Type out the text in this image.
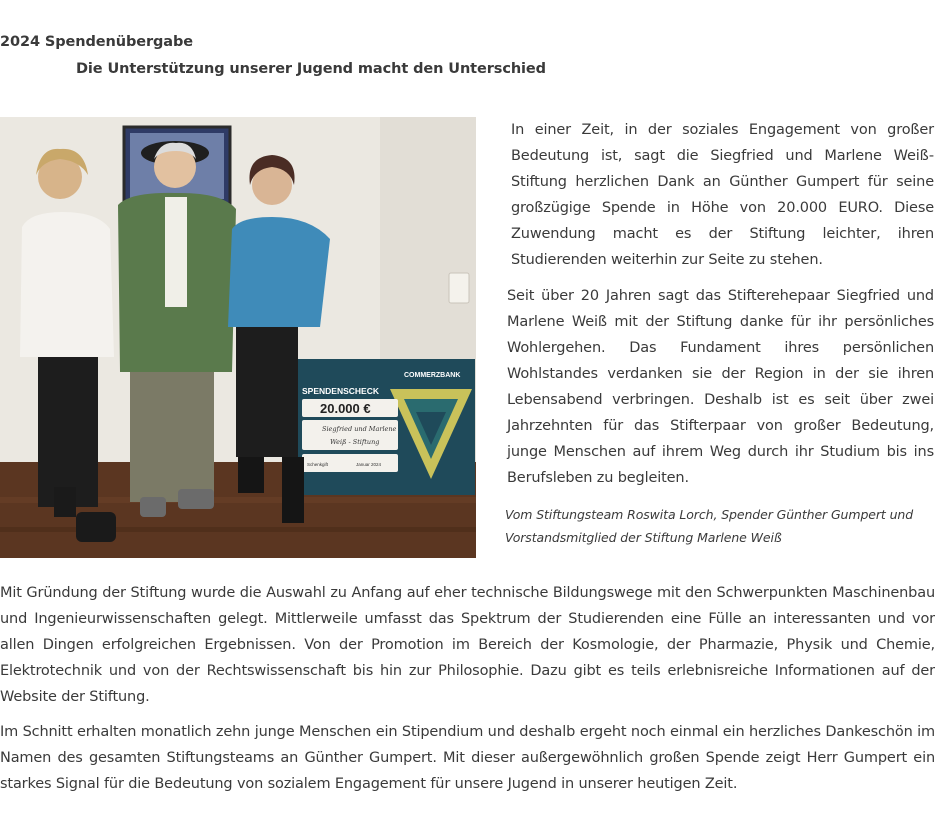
2024 Spendenübergabe
Die Unterstützung unserer Jugend macht den Unterschied
COMMERZBANK
SPENDENSCHECK
20.000 €
Siegfried und Marlene
Weiß - Stiftung
Schenkgift	Januar 2024

In einer Zeit, in der soziales Engagement von großer Bedeutung ist, sagt die Siegfried und Marlene Weiß-Stiftung herzlichen Dank an Günther Gumpert für seine großzügige Spende in Höhe von 20.000 EURO. Diese Zuwendung macht es der Stiftung leichter, ihren Studierenden weiterhin zur Seite zu stehen.

Seit über 20 Jahren sagt das Stifterehepaar Siegfried und Marlene Weiß mit der Stiftung danke für ihr persönliches Wohlergehen. Das Fundament ihres persönlichen Wohlstandes verdanken sie der Region in der sie ihren Lebensabend verbringen. Deshalb ist es seit über zwei Jahrzehnten für das Stifterpaar von großer Bedeutung, junge Menschen auf ihrem Weg durch ihr Studium bis ins Berufsleben zu begleiten.

Vom Stiftungsteam Roswita Lorch, Spender Günther Gumpert und Vorstandsmitglied der Stiftung Marlene Weiß

Mit Gründung der Stiftung wurde die Auswahl zu Anfang auf eher technische Bildungswege mit den Schwerpunkten Maschinenbau und Ingenieurwissenschaften gelegt. Mittlerweile umfasst das Spektrum der Studierenden eine Fülle an interessanten und vor allen Dingen erfolgreichen Ergebnissen. Von der Promotion im Bereich der Kosmologie, der Pharmazie, Physik und Chemie, Elektrotechnik und von der Rechtswissenschaft bis hin zur Philosophie. Dazu gibt es teils erlebnisreiche Informationen auf der Website der Stiftung.

Im Schnitt erhalten monatlich zehn junge Menschen ein Stipendium und deshalb ergeht noch einmal ein herzliches Dankeschön im Namen des gesamten Stiftungsteams an Günther Gumpert. Mit dieser außergewöhnlich großen Spende zeigt Herr Gumpert ein starkes Signal für die Bedeutung von sozialem Engagement für unsere Jugend in unserer heutigen Zeit.
